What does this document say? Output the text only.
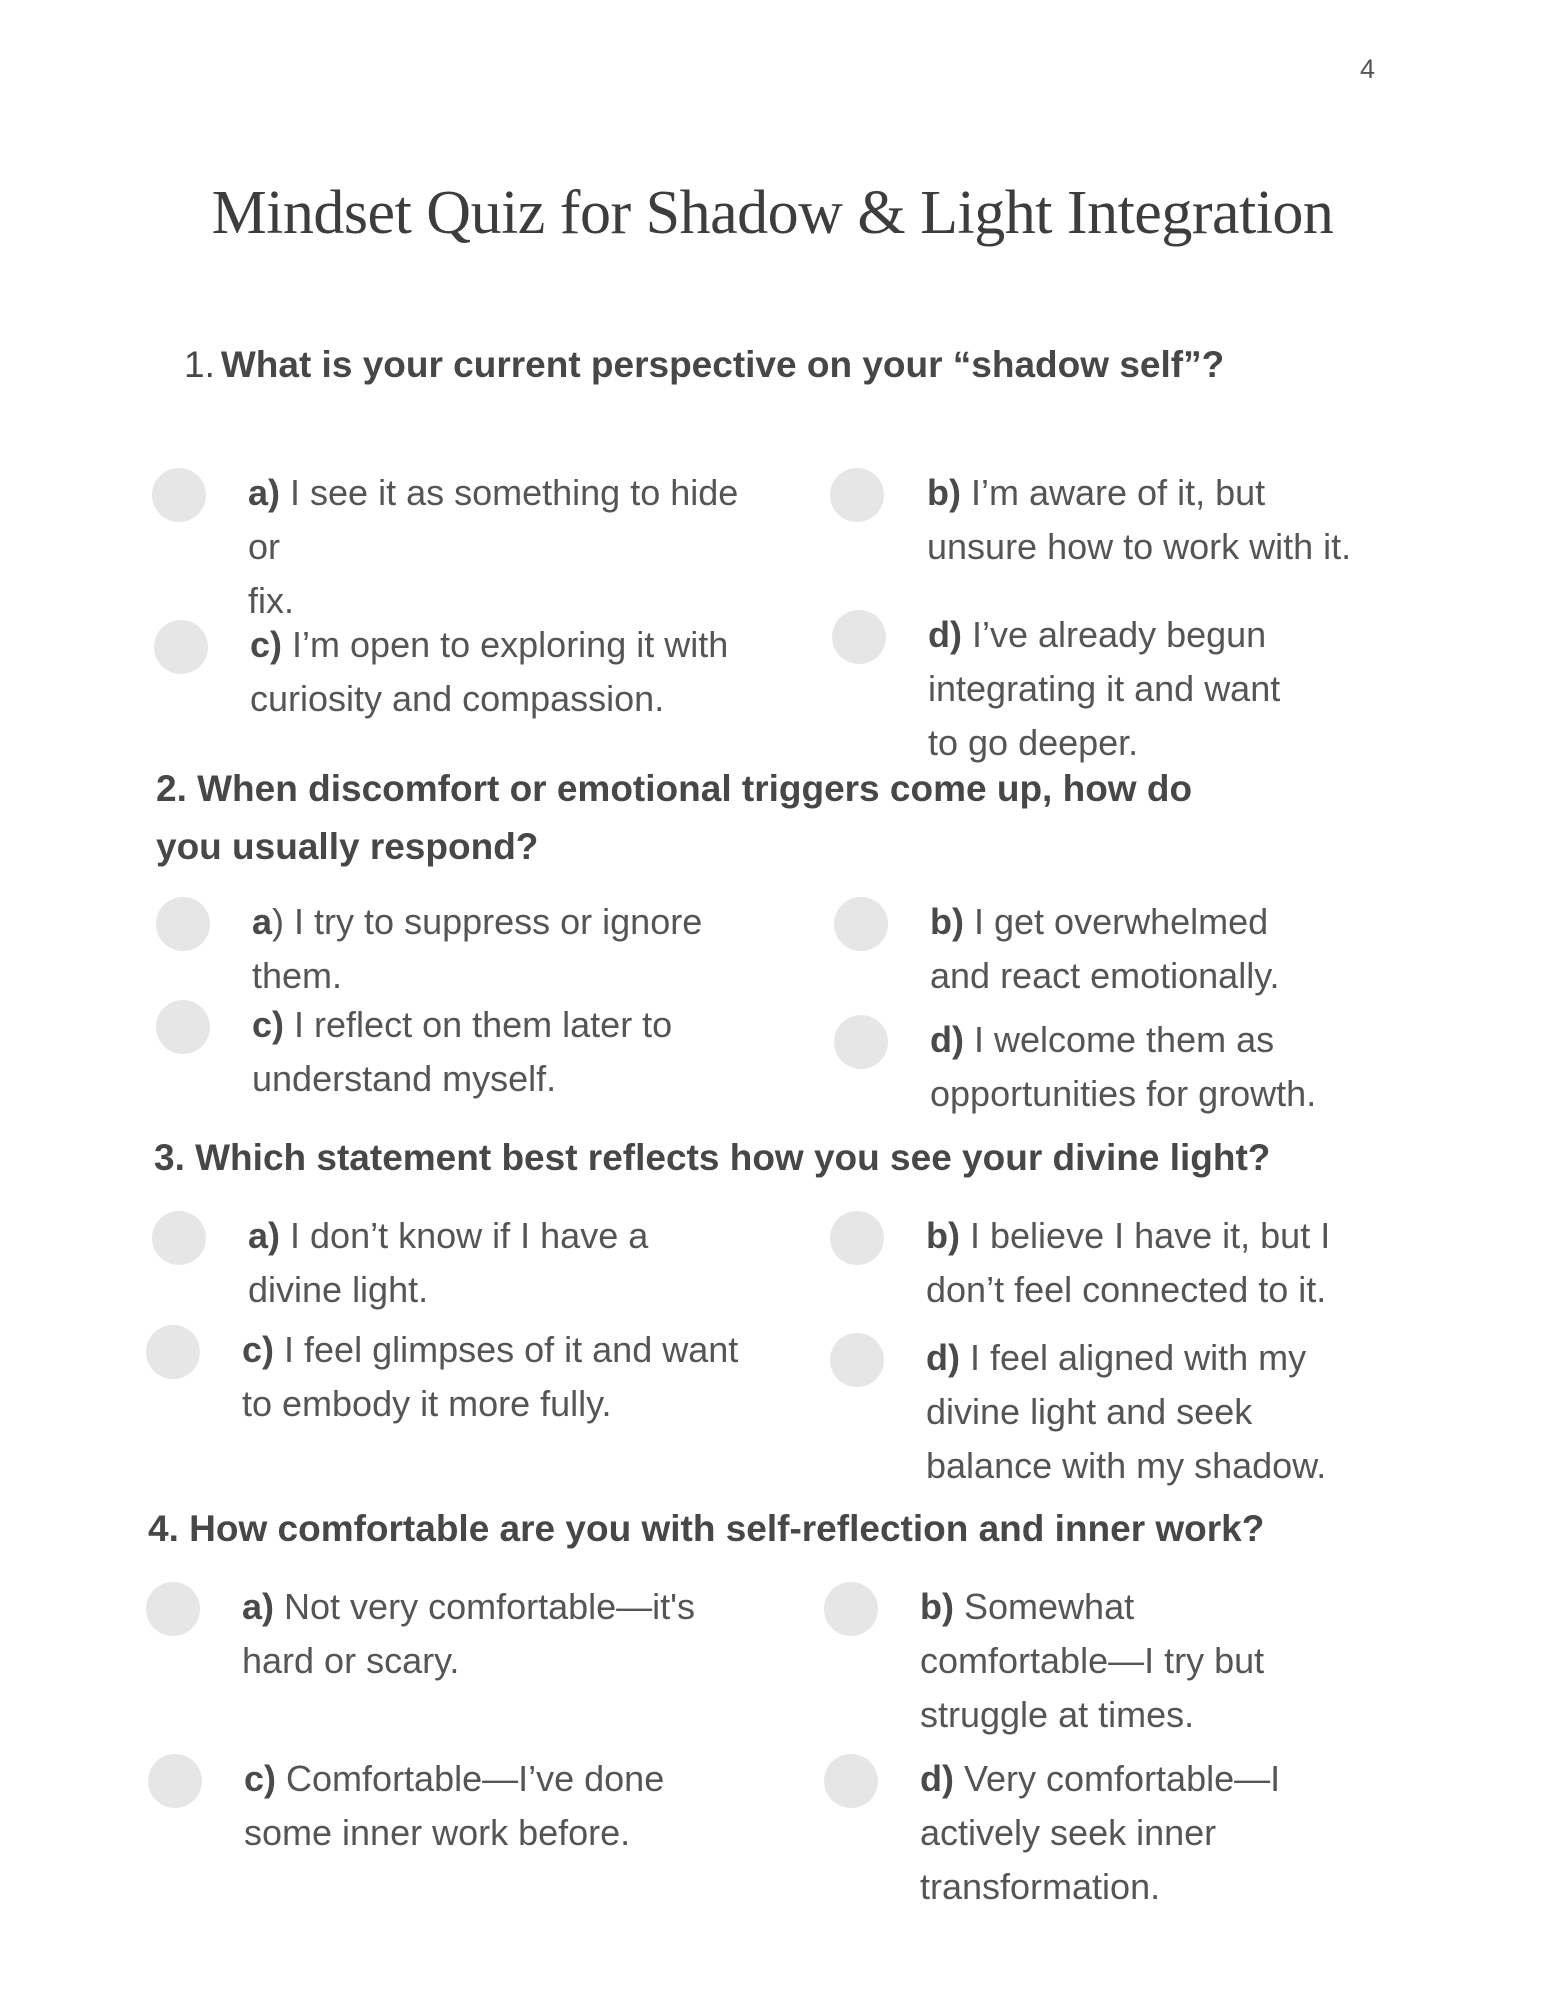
4
Mindset Quiz for Shadow & Light Integration
1. What is your current perspective on your “shadow self”?
a) I see it as something to hide or
fix.
b) I’m aware of it, but
unsure how to work with it.
c) I’m open to exploring it with
curiosity and compassion.
d) I’ve already begun
integrating it and want
to go deeper.
2. When discomfort or emotional triggers come up, how do
you usually respond?
a) I try to suppress or ignore
them.
b) I get overwhelmed
and react emotionally.
c) I reflect on them later to
understand myself.
d) I welcome them as
opportunities for growth.
3. Which statement best reflects how you see your divine light?
a) I don’t know if I have a
divine light.
b) I believe I have it, but I
don’t feel connected to it.
c) I feel glimpses of it and want
to embody it more fully.
d) I feel aligned with my
divine light and seek
balance with my shadow.
4. How comfortable are you with self-reflection and inner work?
a) Not very comfortable—it's
hard or scary.
b) Somewhat
comfortable—I try but
struggle at times.
c) Comfortable—I’ve done
some inner work before.
d) Very comfortable—I
actively seek inner
transformation.
